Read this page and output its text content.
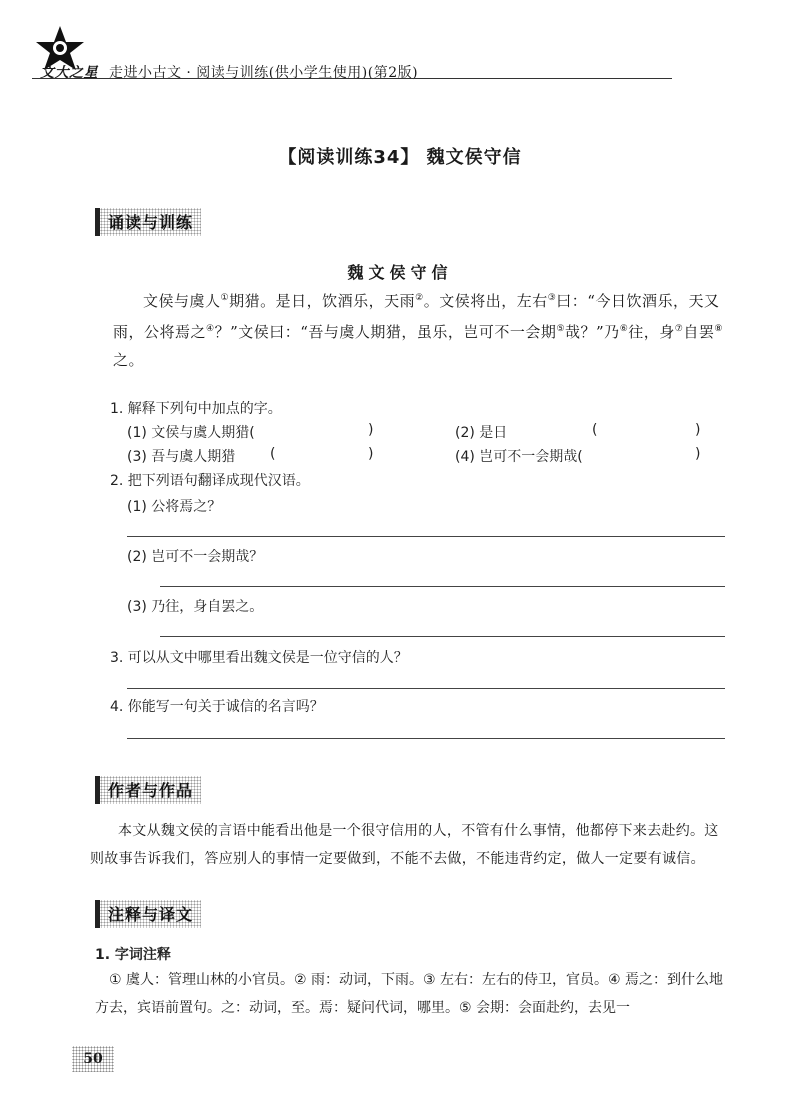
文大之星 走进小古文 · 阅读与训练(供小学生使用)(第2版)
【阅读训练34】 魏文侯守信
诵读与训练
魏文侯守信
文侯与虞人①期猎。是日，饮酒乐，天雨②。文侯将出，左右③曰：“今日饮酒乐，天又雨，公将焉之④？”文侯曰：“吾与虞人期猎，虽乐，岂可不一会期⑤哉？”乃⑥往，身⑦自罢⑧之。
1. 解释下列句中加点的字。
(1) 文侯与虞人期猎(	)	(2) 是日	(	)
(3) 吾与虞人期猎 (	)	(4) 岂可不一会期哉(	)
2. 把下列语句翻译成现代汉语。
(1) 公将焉之？
(2) 岂可不一会期哉？
(3) 乃往，身自罢之。
3. 可以从文中哪里看出魏文侯是一位守信的人？
4. 你能写一句关于诚信的名言吗？
作者与作品
本文从魏文侯的言语中能看出他是一个很守信用的人，不管有什么事情，他都停下来去赴约。这则故事告诉我们，答应别人的事情一定要做到，不能不去做，不能违背约定，做人一定要有诚信。
注释与译文
1. 字词注释
① 虞人：管理山林的小官员。② 雨：动词，下雨。③ 左右：左右的侍卫，官员。④ 焉之：到什么地方去，宾语前置句。之：动词，至。焉：疑问代词，哪里。⑤ 会期：会面赴约，去见一
50
